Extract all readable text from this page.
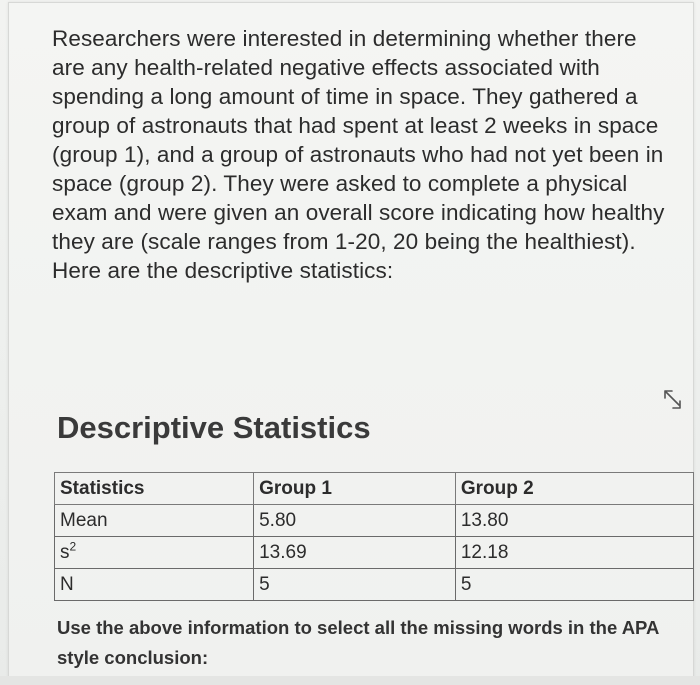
Researchers were interested in determining whether there are any health-related negative effects associated with spending a long amount of time in space. They gathered a group of astronauts that had spent at least 2 weeks in space (group 1), and a group of astronauts who had not yet been in space (group 2). They were asked to complete a physical exam and were given an overall score indicating how healthy they are (scale ranges from 1-20, 20 being the healthiest). Here are the descriptive statistics:

Descriptive Statistics
Statistics	Group 1	Group 2
Mean	5.80	13.80
$s^2$	13.69	12.18
N	5	5

Use the above information to select all the missing words in the APA style conclusion:
